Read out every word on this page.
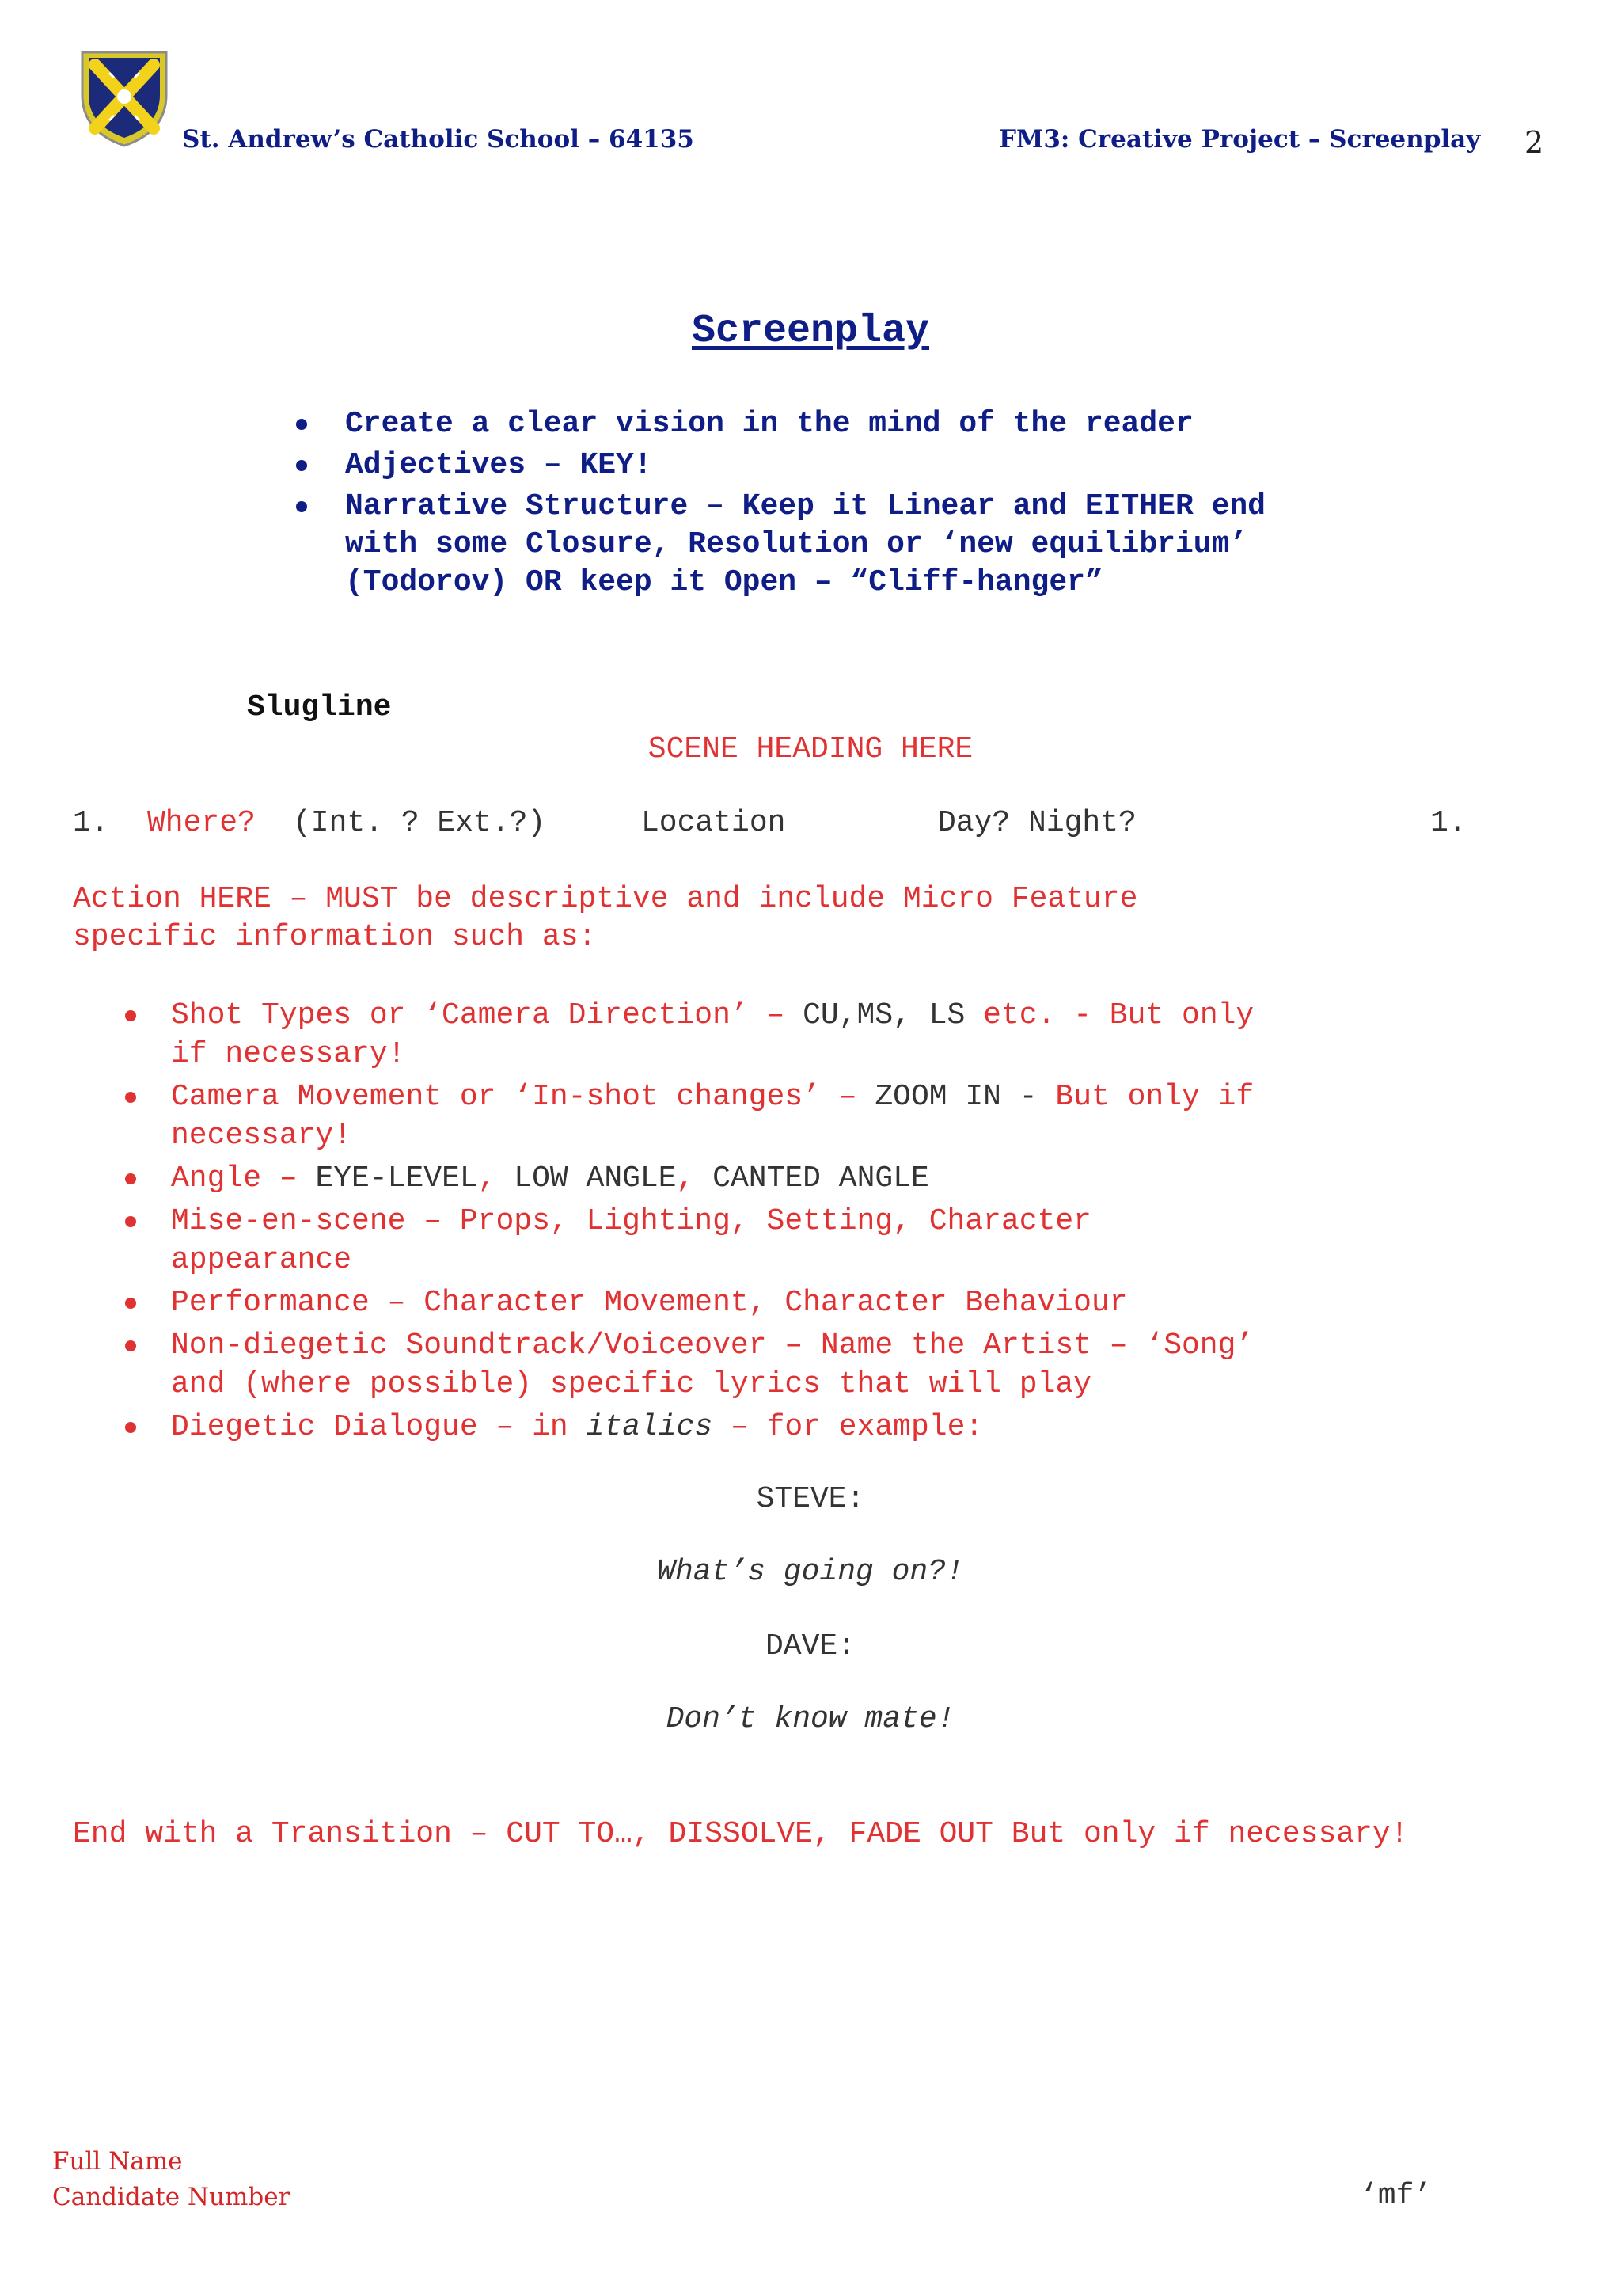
St. Andrew’s Catholic School – 64135	FM3: Creative Project – Screenplay 2
Screenplay
Create a clear vision in the mind of the reader
Adjectives – KEY!
Narrative Structure – Keep it Linear and EITHER end
with some Closure, Resolution or ‘new equilibrium’
(Todorov) OR keep it Open – “Cliff-hanger”
Slugline
SCENE HEADING HERE
1. Where? (Int. ? Ext.?)	Location	Day? Night?	1.
Action HERE – MUST be descriptive and include Micro Feature
specific information such as:
Shot Types or ‘Camera Direction’ – CU,MS, LS etc. - But only
if necessary!
Camera Movement or ‘In-shot changes’ – ZOOM IN - But only if
necessary!
Angle – EYE-LEVEL, LOW ANGLE, CANTED ANGLE
Mise-en-scene – Props, Lighting, Setting, Character
appearance
Performance – Character Movement, Character Behaviour
Non-diegetic Soundtrack/Voiceover – Name the Artist – ‘Song’
and (where possible) specific lyrics that will play
Diegetic Dialogue – in italics – for example:
STEVE:
What’s going on?!
DAVE:
Don’t know mate!
End with a Transition – CUT TO…, DISSOLVE, FADE OUT But only if necessary!
Full Name
Candidate Number	‘mf’
